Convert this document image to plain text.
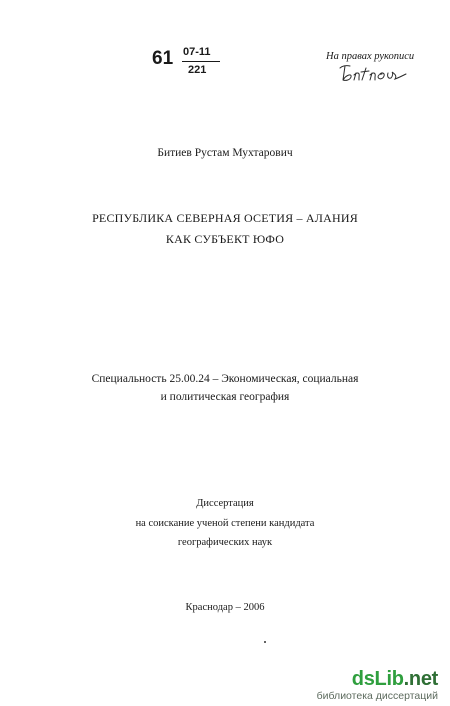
61 07-11
221
На правах рукописи
Битиев Рустам Мухтарович
РЕСПУБЛИКА СЕВЕРНАЯ ОСЕТИЯ – АЛАНИЯ
КАК СУБЪЕКТ ЮФО
Специальность 25.00.24 – Экономическая, социальная
и политическая география
Диссертация
на соискание ученой степени кандидата
географических наук
Краснодар – 2006
dsLib.net
библиотека диссертаций
